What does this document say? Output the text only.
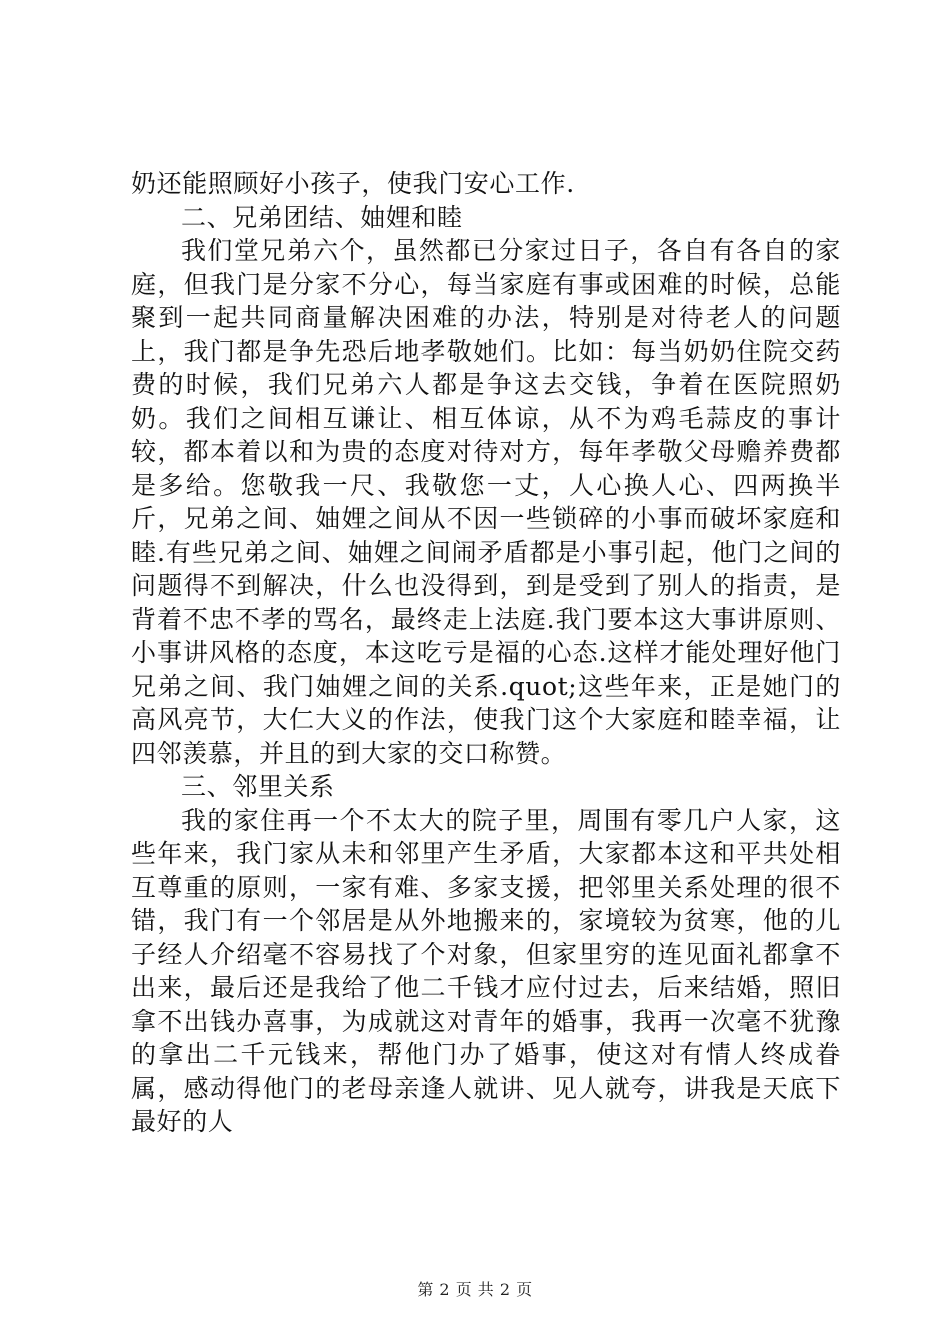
奶还能照顾好小孩子，使我门安心工作.
二、兄弟团结、妯娌和睦
我们堂兄弟六个，虽然都已分家过日子，各自有各自的家庭，但我门是分家不分心，每当家庭有事或困难的时候，总能聚到一起共同商量解决困难的办法，特别是对待老人的问题上，我门都是争先恐后地孝敬她们。比如：每当奶奶住院交药费的时候，我们兄弟六人都是争这去交钱，争着在医院照奶奶。我们之间相互谦让、相互体谅，从不为鸡毛蒜皮的事计较，都本着以和为贵的态度对待对方，每年孝敬父母赡养费都是多给。您敬我一尺、我敬您一丈，人心换人心、四两换半斤，兄弟之间、妯娌之间从不因一些锁碎的小事而破坏家庭和睦.有些兄弟之间、妯娌之间闹矛盾都是小事引起，他门之间的问题得不到解决，什么也没得到，到是受到了别人的指责，是背着不忠不孝的骂名，最终走上法庭.我门要本这大事讲原则、小事讲风格的态度，本这吃亏是福的心态.这样才能处理好他门兄弟之间、我门妯娌之间的关系.quot;这些年来，正是她门的高风亮节，大仁大义的作法，使我门这个大家庭和睦幸福，让四邻羡慕，并且的到大家的交口称赞。
三、邻里关系
我的家住再一个不太大的院子里，周围有零几户人家，这些年来，我门家从未和邻里产生矛盾，大家都本这和平共处相互尊重的原则，一家有难、多家支援，把邻里关系处理的很不错，我门有一个邻居是从外地搬来的，家境较为贫寒，他的儿子经人介绍毫不容易找了个对象，但家里穷的连见面礼都拿不出来，最后还是我给了他二千钱才应付过去，后来结婚，照旧拿不出钱办喜事，为成就这对青年的婚事，我再一次毫不犹豫的拿出二千元钱来，帮他门办了婚事，使这对有情人终成眷属，感动得他门的老母亲逢人就讲、见人就夸，讲我是天底下最好的人
第 2 页 共 2 页
